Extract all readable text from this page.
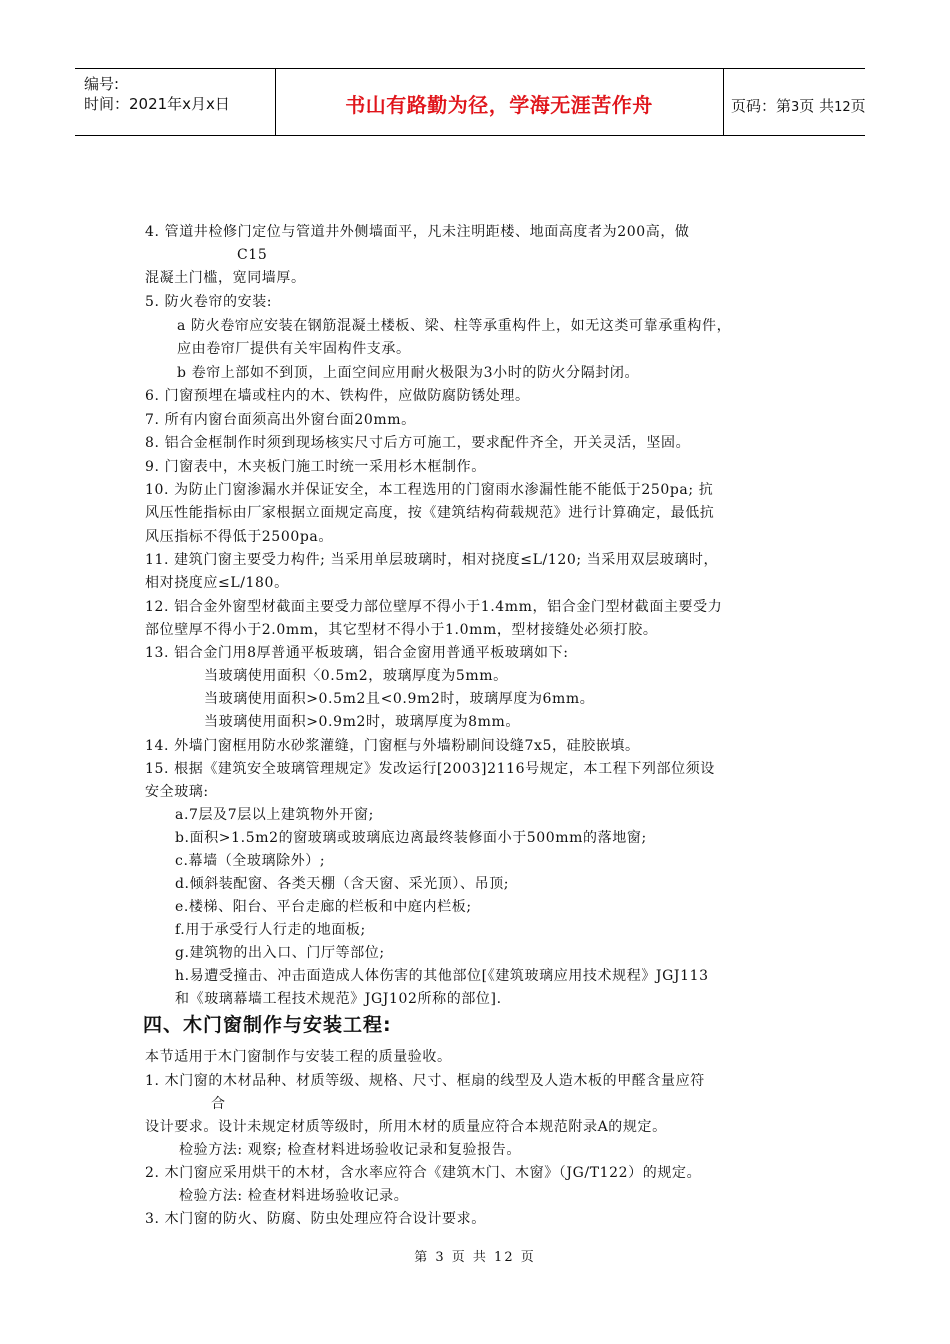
编号:
时间：2021年x月x日	书山有路勤为径，学海无涯苦作舟	页码：第3页 共12页
4. 管道井检修门定位与管道井外侧墙面平，凡未注明距楼、地面高度者为200高，做
C15
混凝土门槛，宽同墙厚。
5. 防火卷帘的安装:
a 防火卷帘应安装在钢筋混凝土楼板、梁、柱等承重构件上，如无这类可靠承重构件，
应由卷帘厂提供有关牢固构件支承。
b 卷帘上部如不到顶，上面空间应用耐火极限为3小时的防火分隔封闭。
6. 门窗预埋在墙或柱内的木、铁构件，应做防腐防锈处理。
7. 所有内窗台面须高出外窗台面20mm。
8. 铝合金框制作时须到现场核实尺寸后方可施工，要求配件齐全，开关灵活，坚固。
9. 门窗表中，木夹板门施工时统一采用杉木框制作。
10. 为防止门窗渗漏水并保证安全，本工程选用的门窗雨水渗漏性能不能低于250pa; 抗
风压性能指标由厂家根据立面规定高度，按《建筑结构荷载规范》进行计算确定，最低抗
风压指标不得低于2500pa。
11. 建筑门窗主要受力构件; 当采用单层玻璃时，相对挠度≤L/120; 当采用双层玻璃时，
相对挠度应≤L/180。
12. 铝合金外窗型材截面主要受力部位壁厚不得小于1.4mm，铝合金门型材截面主要受力
部位壁厚不得小于2.0mm，其它型材不得小于1.0mm，型材接缝处必须打胶。
13. 铝合金门用8厚普通平板玻璃，铝合金窗用普通平板玻璃如下:
当玻璃使用面积〈0.5m2，玻璃厚度为5mm。
当玻璃使用面积>0.5m2且<0.9m2时，玻璃厚度为6mm。
当玻璃使用面积>0.9m2时，玻璃厚度为8mm。
14. 外墙门窗框用防水砂浆灌缝，门窗框与外墙粉刷间设缝7x5，硅胶嵌填。
15. 根据《建筑安全玻璃管理规定》发改运行[2003]2116号规定，本工程下列部位须设
安全玻璃:
a.7层及7层以上建筑物外开窗;
b.面积>1.5m2的窗玻璃或玻璃底边离最终装修面小于500mm的落地窗;
c.幕墙（全玻璃除外）;
d.倾斜装配窗、各类天棚（含天窗、采光顶）、吊顶;
e.楼梯、阳台、平台走廊的栏板和中庭内栏板;
f.用于承受行人行走的地面板;
g.建筑物的出入口、门厅等部位;
h.易遭受撞击、冲击面造成人体伤害的其他部位[《建筑玻璃应用技术规程》JGJ113
和《玻璃幕墙工程技术规范》JGJ102所称的部位].
四、木门窗制作与安装工程:
本节适用于木门窗制作与安装工程的质量验收。
1. 木门窗的木材品种、材质等级、规格、尺寸、框扇的线型及人造木板的甲醛含量应符
合
设计要求。设计未规定材质等级时，所用木材的质量应符合本规范附录A的规定。
检验方法: 观察; 检查材料进场验收记录和复验报告。
2. 木门窗应采用烘干的木材，含水率应符合《建筑木门、木窗》（JG/T122）的规定。
检验方法: 检查材料进场验收记录。
3. 木门窗的防火、防腐、防虫处理应符合设计要求。
第 3 页 共 12 页
